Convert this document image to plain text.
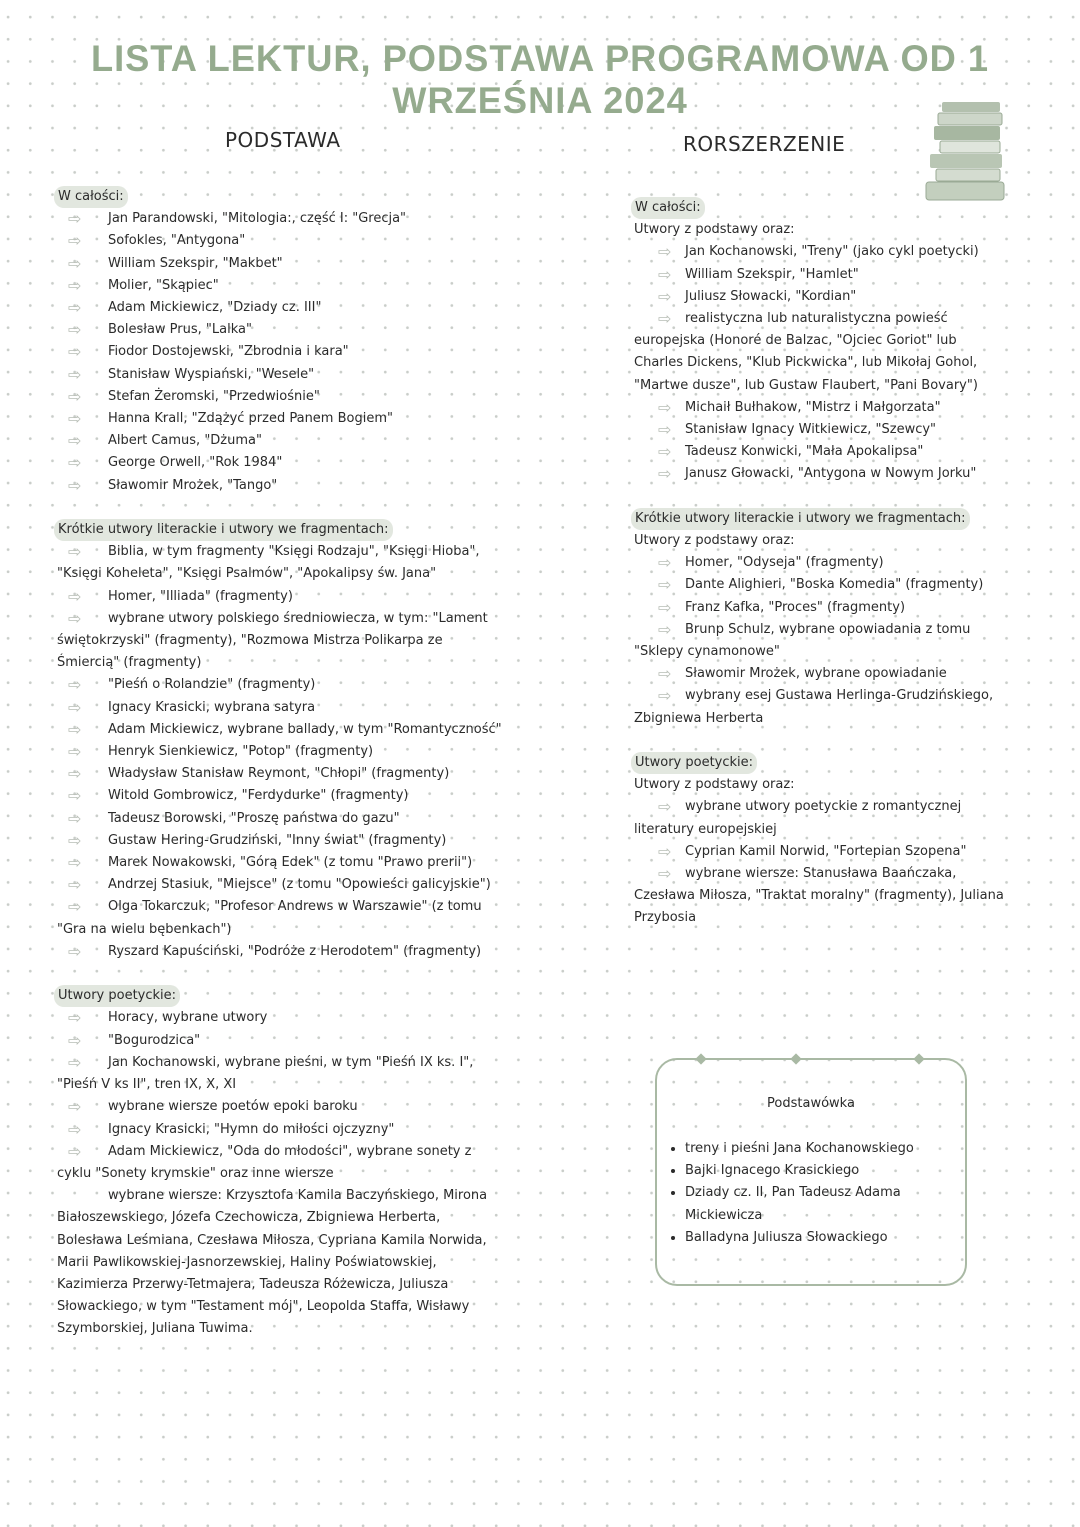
LISTA LEKTUR, PODSTAWA PROGRAMOWA OD 1 WRZEŚNIA 2024
PODSTAWA	RORSZERZENIE
W całości:
⇨ Jan Parandowski, "Mitologia:, część I: "Grecja"
⇨ Sofokles, "Antygona"
⇨ William Szekspir, "Makbet"
⇨ Molier, "Skąpiec"
⇨ Adam Mickiewicz, "Dziady cz. III"
⇨ Bolesław Prus, "Lalka"
⇨ Fiodor Dostojewski, "Zbrodnia i kara"
⇨ Stanisław Wyspiański, "Wesele"
⇨ Stefan Żeromski, "Przedwiośnie"
⇨ Hanna Krall, "Zdążyć przed Panem Bogiem"
⇨ Albert Camus, "Dżuma"
⇨ George Orwell, "Rok 1984"
⇨ Sławomir Mrożek, "Tango"
Krótkie utwory literackie i utwory we fragmentach:
⇨ Biblia, w tym fragmenty "Księgi Rodzaju", "Księgi Hioba", "Księgi Koheleta", "Księgi Psalmów", "Apokalipsy św. Jana"
⇨ Homer, "Illiada" (fragmenty)
⇨ wybrane utwory polskiego średniowiecza, w tym: "Lament świętokrzyski" (fragmenty), "Rozmowa Mistrza Polikarpa ze Śmiercią" (fragmenty)
⇨ "Pieśń o Rolandzie" (fragmenty)
⇨ Ignacy Krasicki, wybrana satyra
⇨ Adam Mickiewicz, wybrane ballady, w tym "Romantyczność"
⇨ Henryk Sienkiewicz, "Potop" (fragmenty)
⇨ Władysław Stanisław Reymont, "Chłopi" (fragmenty)
⇨ Witold Gombrowicz, "Ferdydurke" (fragmenty)
⇨ Tadeusz Borowski, "Proszę państwa do gazu"
⇨ Gustaw Hering-Grudziński, "Inny świat" (fragmenty)
⇨ Marek Nowakowski, "Górą Edek" (z tomu "Prawo prerii")
⇨ Andrzej Stasiuk, "Miejsce" (z tomu "Opowieści galicyjskie")
⇨ Olga Tokarczuk, "Profesor Andrews w Warszawie" (z tomu "Gra na wielu bębenkach")
⇨ Ryszard Kapuściński, "Podróże z Herodotem" (fragmenty)
Utwory poetyckie:
⇨ Horacy, wybrane utwory
⇨ "Bogurodzica"
⇨ Jan Kochanowski, wybrane pieśni, w tym "Pieśń IX ks. I", "Pieśń V ks II", tren IX, X, XI
⇨ wybrane wiersze poetów epoki baroku
⇨ Ignacy Krasicki, "Hymn do miłości ojczyzny"
⇨ Adam Mickiewicz, "Oda do młodości", wybrane sonety z cyklu "Sonety krymskie" oraz inne wiersze
wybrane wiersze: Krzysztofa Kamila Baczyńskiego, Mirona Białoszewskiego, Józefa Czechowicza, Zbigniewa Herberta, Bolesława Leśmiana, Czesława Miłosza, Cypriana Kamila Norwida, Marii Pawlikowskiej-Jasnorzewskiej, Haliny Poświatowskiej, Kazimierza Przerwy-Tetmajera, Tadeusza Różewicza, Juliusza Słowackiego, w tym "Testament mój", Leopolda Staffa, Wisławy Szymborskiej, Juliana Tuwima.
W całości:
Utwory z podstawy oraz:
⇨ Jan Kochanowski, "Treny" (jako cykl poetycki)
⇨ William Szekspir, "Hamlet"
⇨ Juliusz Słowacki, "Kordian"
⇨ realistyczna lub naturalistyczna powieść europejska (Honoré de Balzac, "Ojciec Goriot" lub Charles Dickens, "Klub Pickwicka", lub Mikołaj Gohol, "Martwe dusze", lub Gustaw Flaubert, "Pani Bovary")
⇨ Michaił Bułhakow, "Mistrz i Małgorzata"
⇨ Stanisław Ignacy Witkiewicz, "Szewcy"
⇨ Tadeusz Konwicki, "Mała Apokalipsa"
⇨ Janusz Głowacki, "Antygona w Nowym Jorku"
Krótkie utwory literackie i utwory we fragmentach:
Utwory z podstawy oraz:
⇨ Homer, "Odyseja" (fragmenty)
⇨ Dante Alighieri, "Boska Komedia" (fragmenty)
⇨ Franz Kafka, "Proces" (fragmenty)
⇨ Brunp Schulz, wybrane opowiadania z tomu "Sklepy cynamonowe"
⇨ Sławomir Mrożek, wybrane opowiadanie
⇨ wybrany esej Gustawa Herlinga-Grudzińskiego, Zbigniewa Herberta
Utwory poetyckie:
Utwory z podstawy oraz:
⇨ wybrane utwory poetyckie z romantycznej literatury europejskiej
⇨ Cyprian Kamil Norwid, "Fortepian Szopena"
⇨ wybrane wiersze: Stanusława Baańczaka, Czesława Miłosza, "Traktat moralny" (fragmenty), Juliana Przybosia
Podstawówka
• treny i pieśni Jana Kochanowskiego
• Bajki Ignacego Krasickiego
• Dziady cz. II, Pan Tadeusz Adama Mickiewicza
• Balladyna Juliusza Słowackiego
